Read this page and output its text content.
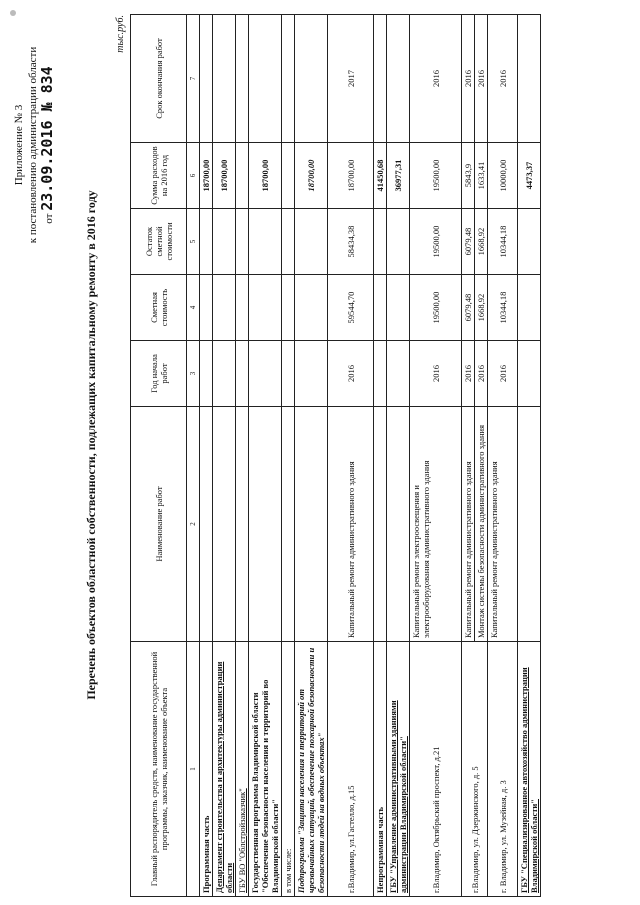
Приложение № 3 к постановлению администрации области от 23.09.2016 № 834
Перечень объектов областной собственности, подлежащих капитальному ремонту в 2016 году
тыс.руб.
Главный распорядитель средств, наименование государственной программы, заказчик, наименование объекта	Наименование работ	Год начала работ	Сметная стоимость	Остаток сметной стоимости	Сумма расходов на 2016 год	Срок окончания работ
1	2	3	4	5	6	7
Программная часть					18700,00	
Департамент строительства и архитектуры администрации области					18700,00	
ГБУ ВО "Облстройзаказчик"						
Государственная программа Владимирской области "Обеспечение безопасности населения и территорий во Владимирской области"					18700,00	
в том числе:						
Подпрограмма "Защита населения и территорий от чрезвычайных ситуаций, обеспечение пожарной безопасности и безопасности людей на водных объектах"					18700,00	
г.Владимир, ул.Гастелло, д.15	Капитальный ремонт административного здания	2016	59544,70	58434,38	18700,00	2017
Непрограммная часть					41450,68	
ГБУ "Управление административными зданиями администрации Владимирской области"					36977,31	
г.Владимир, Октябрьский проспект, д.21	Капитальный ремонт электроосвещения и электрооборудования административного здания	2016	19500,00	19500,00	19500,00	2016
г.Владимир, ул. Дзержинского, д. 5	Капитальный ремонт административного здания	2016	6079,48	6079,48	5843,9	2016
	Монтаж системы безопасности административного здания	2016	1668,92	1668,92	1633,41	2016
г. Владимир, ул. Музейная, д. 3	Капитальный ремонт административного здания	2016	10344,18	10344,18	10000,00	2016
ГБУ "Специализированное автохозяйство администрации Владимирской области"					4473,37	
